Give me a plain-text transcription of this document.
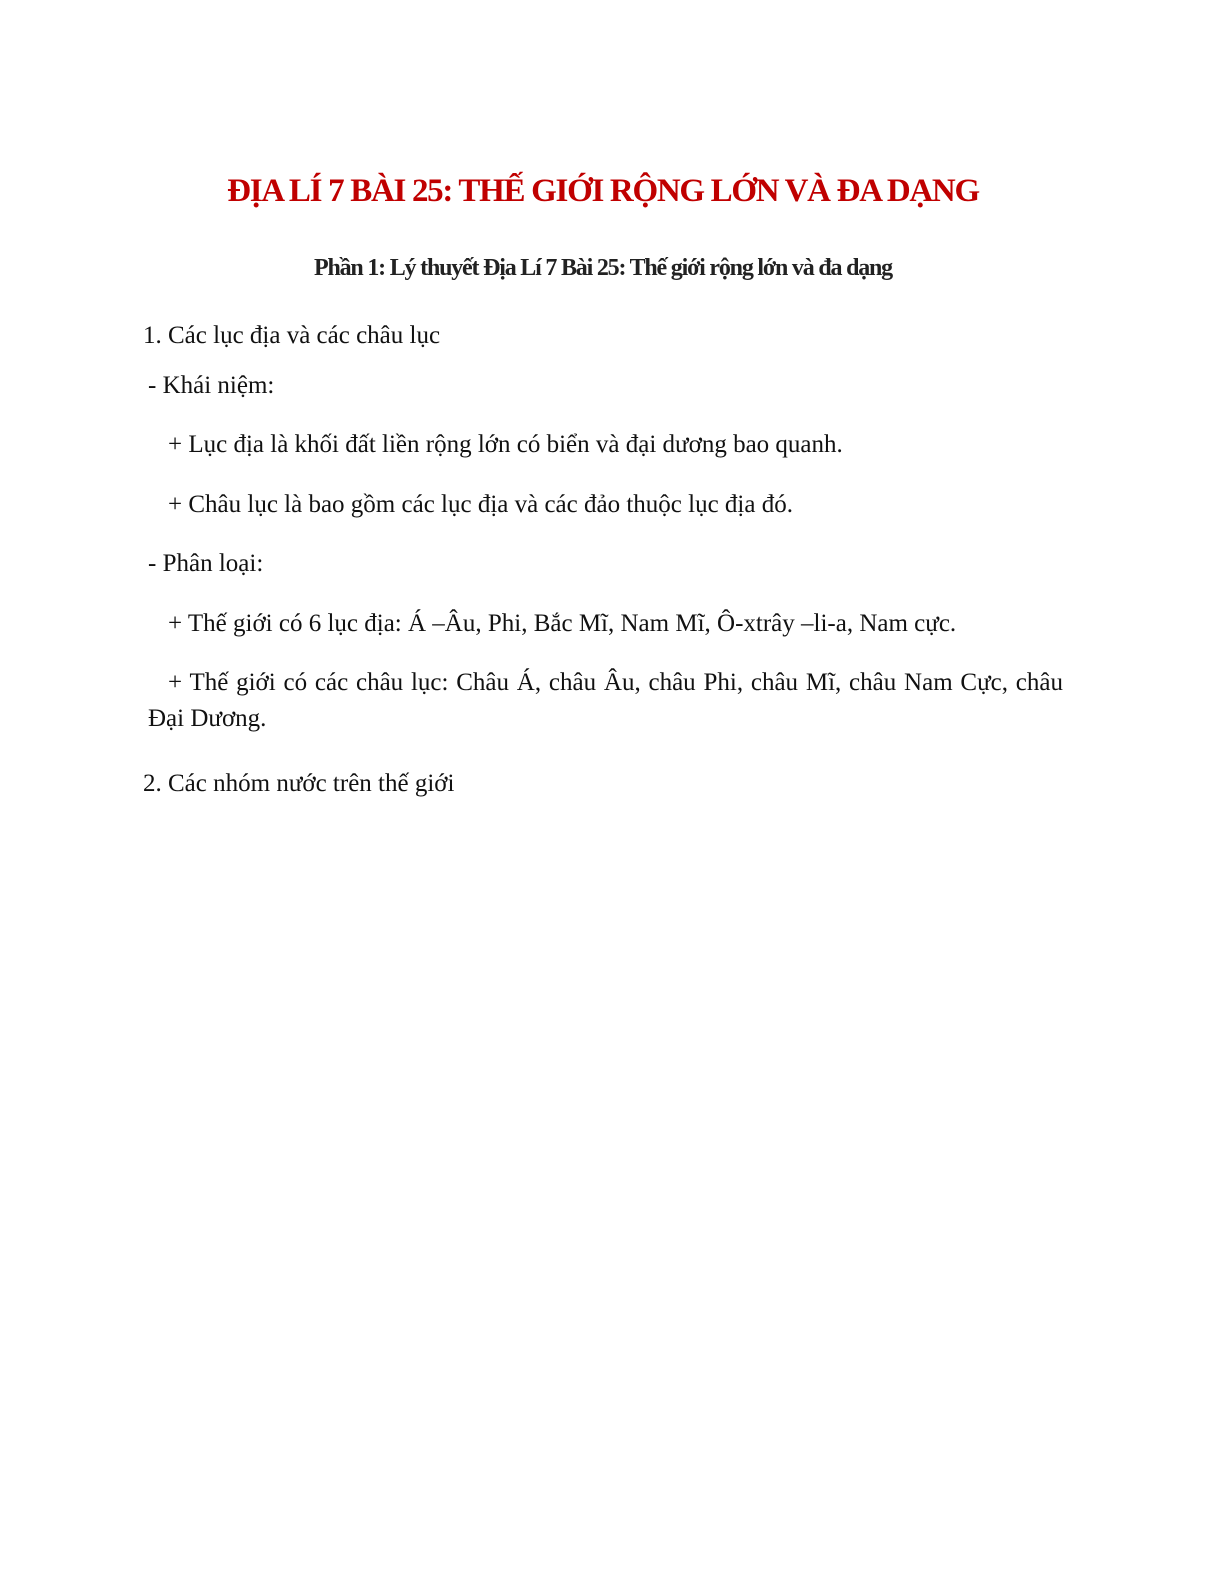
ĐỊA LÍ 7 BÀI 25: THẾ GIỚI RỘNG LỚN VÀ ĐA DẠNG
Phần 1: Lý thuyết Địa Lí 7 Bài 25: Thế giới rộng lớn và đa dạng
1. Các lục địa và các châu lục
- Khái niệm:
+ Lục địa là khối đất liền rộng lớn có biển và đại dương bao quanh.
+ Châu lục là bao gồm các lục địa và các đảo thuộc lục địa đó.
- Phân loại:
+ Thế giới có 6 lục địa: Á –Âu, Phi, Bắc Mĩ, Nam Mĩ, Ô-xtrây –li-a, Nam cực.
+ Thế giới có các châu lục: Châu Á, châu Âu, châu Phi, châu Mĩ, châu Nam Cực, châu Đại Dương.
2. Các nhóm nước trên thế giới
